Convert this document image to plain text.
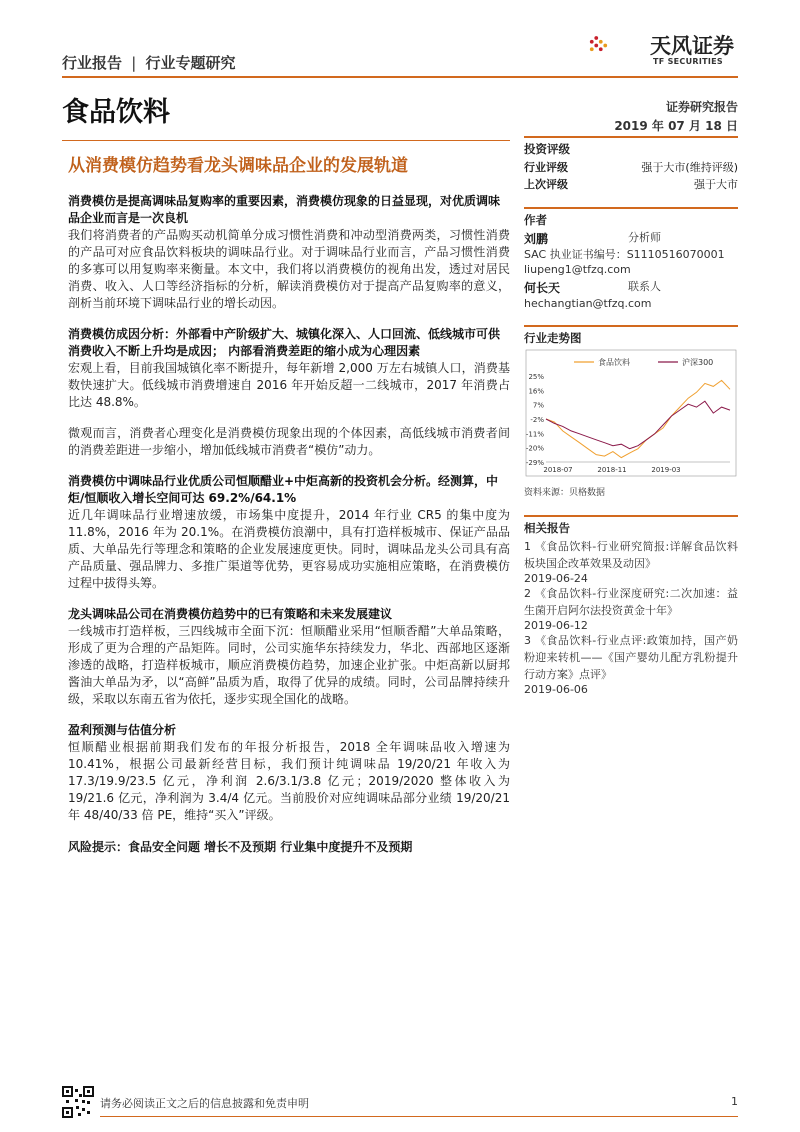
行业报告 | 行业专题研究
天风证券
TF SECURITIES
食品饮料	证券研究报告
2019 年 07 月 18 日
从消费模仿趋势看龙头调味品企业的发展轨道
消费模仿是提高调味品复购率的重要因素，消费模仿现象的日益显现，对优质调味品企业而言是一次良机
我们将消费者的产品购买动机简单分成习惯性消费和冲动型消费两类，习惯性消费的产品可对应食品饮料板块的调味品行业。对于调味品行业而言，产品习惯性消费的多寡可以用复购率来衡量。本文中，我们将以消费模仿的视角出发，透过对居民消费、收入、人口等经济指标的分析，解读消费模仿对于提高产品复购率的意义，剖析当前环境下调味品行业的增长动因。
消费模仿成因分析：外部看中产阶级扩大、城镇化深入、人口回流、低线城市可供消费收入不断上升均是成因； 内部看消费差距的缩小成为心理因素
宏观上看，目前我国城镇化率不断提升，每年新增 2,000 万左右城镇人口，消费基数快速扩大。低线城市消费增速自 2016 年开始反超一二线城市，2017 年消费占比达 48.8%。
微观而言，消费者心理变化是消费模仿现象出现的个体因素，高低线城市消费者间的消费差距进一步缩小，增加低线城市消费者“模仿”动力。
消费模仿中调味品行业优质公司恒顺醋业+中炬高新的投资机会分析。经测算，中炬/恒顺收入增长空间可达 69.2%/64.1%
近几年调味品行业增速放缓，市场集中度提升，2014 年行业 CR5 的集中度为 11.8%，2016 年为 20.1%。在消费模仿浪潮中，具有打造样板城市、保证产品品质、大单品先行等理念和策略的企业发展速度更快。同时，调味品龙头公司具有高产品质量、强品牌力、多推广渠道等优势，更容易成功实施相应策略，在消费模仿过程中拔得头筹。
龙头调味品公司在消费模仿趋势中的已有策略和未来发展建议
一线城市打造样板，三四线城市全面下沉：恒顺醋业采用“恒顺香醋”大单品策略，形成了更为合理的产品矩阵。同时，公司实施华东持续发力，华北、西部地区逐渐渗透的战略，打造样板城市，顺应消费模仿趋势，加速企业扩张。中炬高新以厨邦酱油大单品为矛，以“高鲜”品质为盾，取得了优异的成绩。同时，公司品牌持续升级，采取以东南五省为依托，逐步实现全国化的战略。
盈利预测与估值分析
恒顺醋业根据前期我们发布的年报分析报告，2018 全年调味品收入增速为 10.41%，根据公司最新经营目标，我们预计纯调味品 19/20/21 年收入为 17.3/19.9/23.5 亿元，净利润 2.6/3.1/3.8 亿元；2019/2020 整体收入为 19/21.6 亿元，净利润为 3.4/4 亿元。当前股价对应纯调味品部分业绩 19/20/21 年 48/40/33 倍 PE，维持“买入”评级。
风险提示：食品安全问题 增长不及预期 行业集中度提升不及预期
投资评级
行业评级	强于大市(维持评级)
上次评级	强于大市
作者
刘鹏	分析师
SAC 执业证书编号：S1110516070001
liupeng1@tfzq.com
何长天	联系人
hechangtian@tfzq.com
行业走势图
食品饮料	沪深300
25%
16%
7%
-2%
-11%
-20%
-29%
2018-07	2018-11	2019-03
资料来源：贝格数据
相关报告
1 《食品饮料-行业研究简报:详解食品饮料板块国企改革效果及动因》
2019-06-24
2 《食品饮料-行业深度研究:二次加速：益生菌开启阿尔法投资黄金十年》
2019-06-12
3 《食品饮料-行业点评:政策加持，国产奶粉迎来转机——《国产婴幼儿配方乳粉提升行动方案》点评》
2019-06-06
请务必阅读正文之后的信息披露和免责申明	1
